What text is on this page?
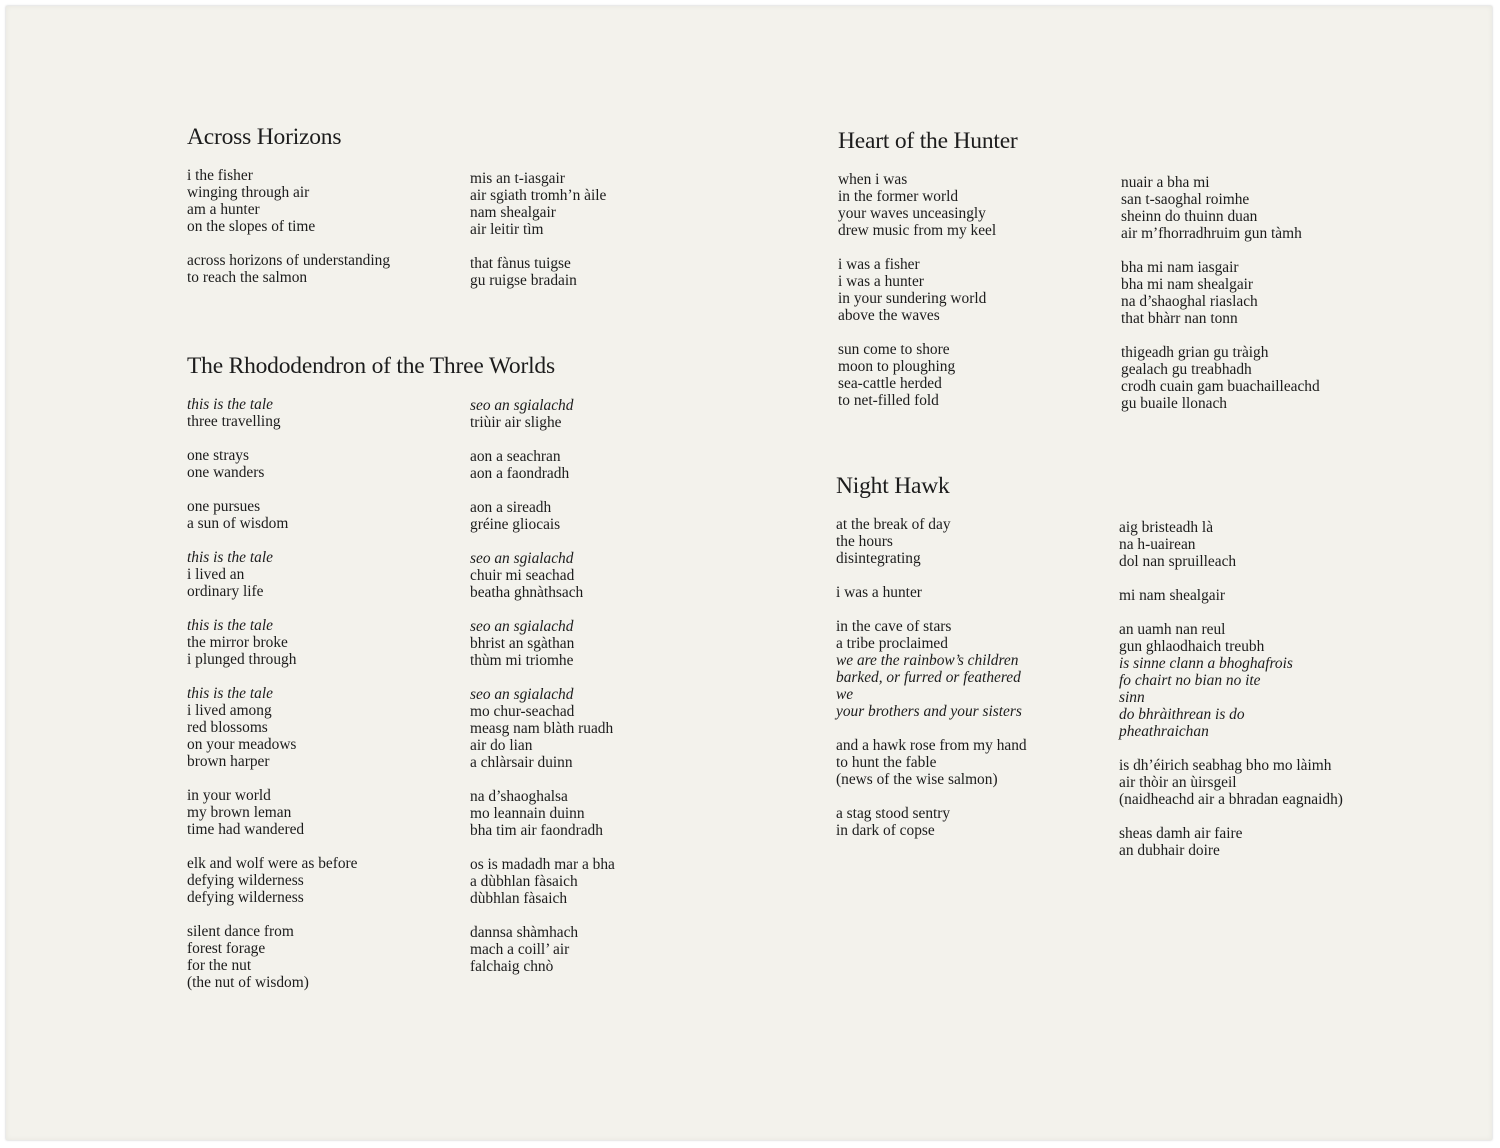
Across Horizons
i the fisher
winging through air
am a hunter
on the slopes of time
across horizons of understanding
to reach the salmon
mis an t-iasgair
air sgiath tromh’n àile
nam shealgair
air leitir tìm
that fànus tuigse
gu ruigse bradain
The Rhododendron of the Three Worlds
this is the tale
three travelling
one strays
one wanders
one pursues
a sun of wisdom
this is the tale
i lived an
ordinary life
this is the tale
the mirror broke
i plunged through
this is the tale
i lived among
red blossoms
on your meadows
brown harper
in your world
my brown leman
time had wandered
elk and wolf were as before
defying wilderness
defying wilderness
silent dance from
forest forage
for the nut
(the nut of wisdom)
seo an sgialachd
triùir air slighe
aon a seachran
aon a faondradh
aon a sireadh
gréine gliocais
seo an sgialachd
chuir mi seachad
beatha ghnàthsach
seo an sgialachd
bhrist an sgàthan
thùm mi triomhe
seo an sgialachd
mo chur-seachad
measg nam blàth ruadh
air do lian
a chlàrsair duinn
na d’shaoghalsa
mo leannain duinn
bha tim air faondradh
os is madadh mar a bha
a dùbhlan fàsaich
dùbhlan fàsaich
dannsa shàmhach
mach a coill’ air
falchaig chnò
Heart of the Hunter
when i was
in the former world
your waves unceasingly
drew music from my keel
i was a fisher
i was a hunter
in your sundering world
above the waves
sun come to shore
moon to ploughing
sea-cattle herded
to net-filled fold
nuair a bha mi
san t-saoghal roimhe
sheinn do thuinn duan
air m’fhorradhruim gun tàmh
bha mi nam iasgair
bha mi nam shealgair
na d’shaoghal riaslach
that bhàrr nan tonn
thigeadh grian gu tràigh
gealach gu treabhadh
crodh cuain gam buachailleachd
gu buaile llonach
Night Hawk
at the break of day
the hours
disintegrating
i was a hunter
in the cave of stars
a tribe proclaimed
we are the rainbow’s children
barked, or furred or feathered
we
your brothers and your sisters
and a hawk rose from my hand
to hunt the fable
(news of the wise salmon)
a stag stood sentry
in dark of copse
aig bristeadh là
na h-uairean
dol nan spruilleach
mi nam shealgair
an uamh nan reul
gun ghlaodhaich treubh
is sinne clann a bhoghafrois
fo chairt no bian no ite
sinn
do bhràithrean is do
pheathraichan
is dh’éirich seabhag bho mo làimh
air thòir an ùirsgeil
(naidheachd air a bhradan eagnaidh)
sheas damh air faire
an dubhair doire
